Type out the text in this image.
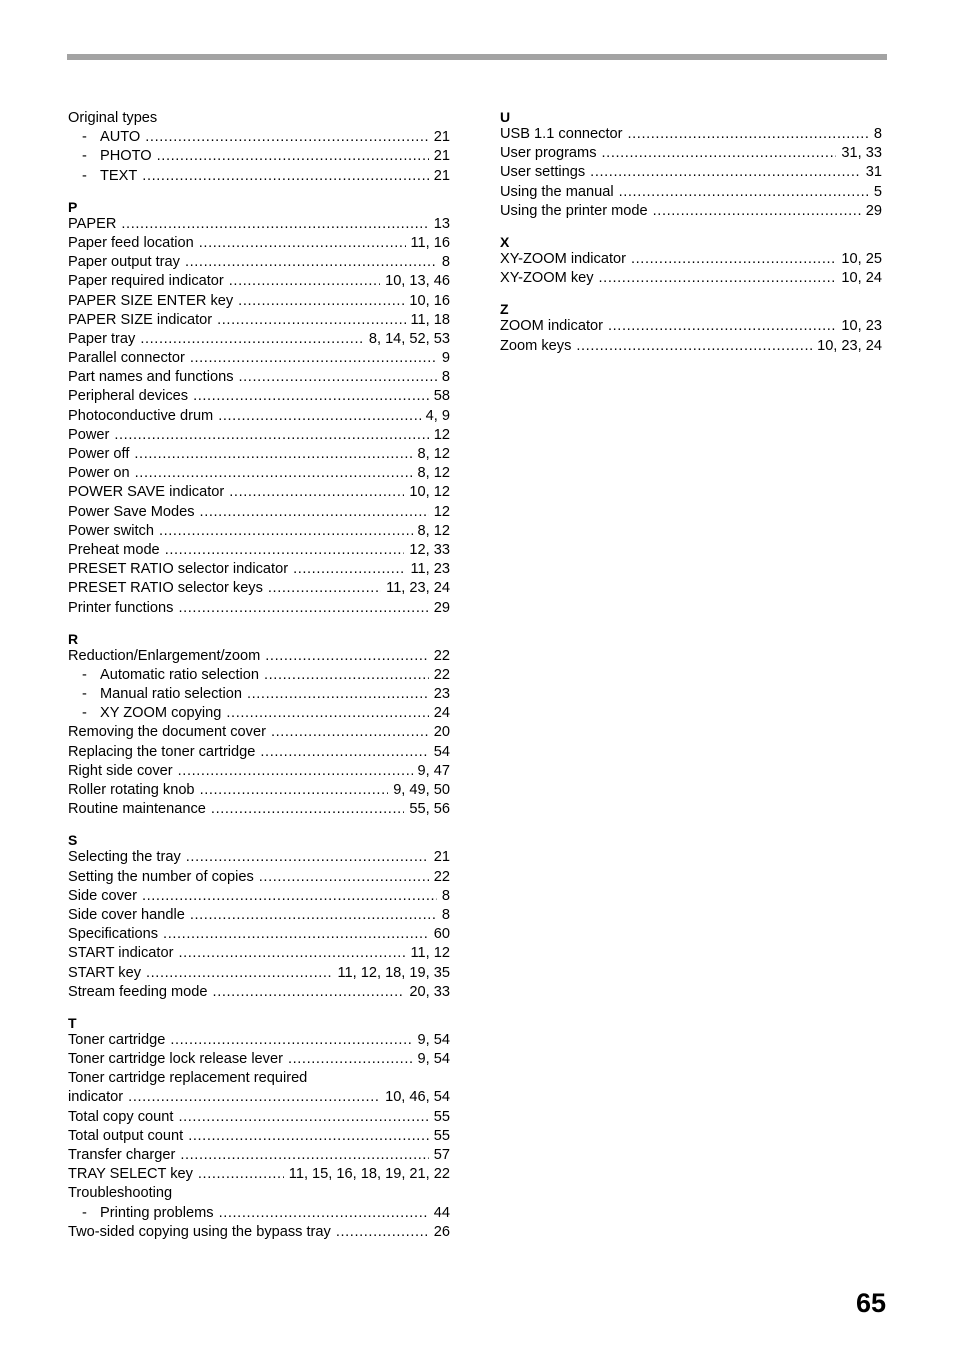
Original types
- AUTO .....	21
- PHOTO .....	21
- TEXT .....	21
P
PAPER .....	13
Paper feed location .....	11, 16
Paper output tray .....	8
Paper required indicator .....	10, 13, 46
PAPER SIZE ENTER key .....	10, 16
PAPER SIZE indicator .....	11, 18
Paper tray .....	8, 14, 52, 53
Parallel connector .....	9
Part names and functions .....	8
Peripheral devices .....	58
Photoconductive drum .....	4, 9
Power .....	12
Power off .....	8, 12
Power on .....	8, 12
POWER SAVE indicator .....	10, 12
Power Save Modes .....	12
Power switch .....	8, 12
Preheat mode .....	12, 33
PRESET RATIO selector indicator .....	11, 23
PRESET RATIO selector keys .....	11, 23, 24
Printer functions .....	29
R
Reduction/Enlargement/zoom .....	22
- Automatic ratio selection .....	22
- Manual ratio selection .....	23
- XY ZOOM copying .....	24
Removing the document cover .....	20
Replacing the toner cartridge .....	54
Right side cover .....	9, 47
Roller rotating knob .....	9, 49, 50
Routine maintenance .....	55, 56
S
Selecting the tray .....	21
Setting the number of copies .....	22
Side cover .....	8
Side cover handle .....	8
Specifications .....	60
START indicator .....	11, 12
START key .....	11, 12, 18, 19, 35
Stream feeding mode .....	20, 33
T
Toner cartridge .....	9, 54
Toner cartridge lock release lever .....	9, 54
Toner cartridge replacement required
indicator .....	10, 46, 54
Total copy count .....	55
Total output count .....	55
Transfer charger .....	57
TRAY SELECT key .....	11, 15, 16, 18, 19, 21, 22
Troubleshooting
- Printing problems .....	44
Two-sided copying using the bypass tray .....	26
U
USB 1.1 connector .....	8
User programs .....	31, 33
User settings .....	31
Using the manual .....	5
Using the printer mode .....	29
X
XY-ZOOM indicator .....	10, 25
XY-ZOOM key .....	10, 24
Z
ZOOM indicator .....	10, 23
Zoom keys .....	10, 23, 24
65
